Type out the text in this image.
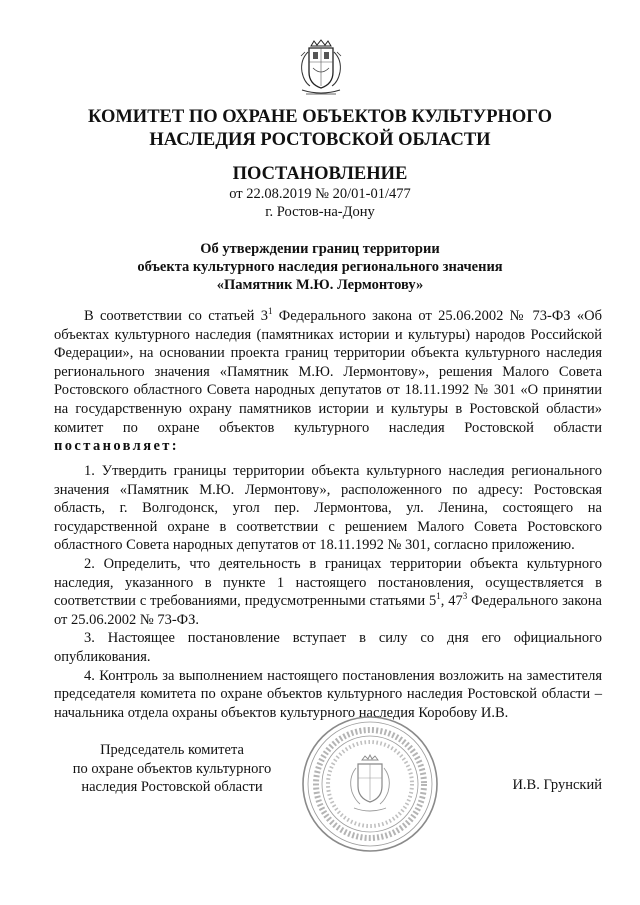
КОМИТЕТ ПО ОХРАНЕ ОБЪЕКТОВ КУЛЬТУРНОГО
НАСЛЕДИЯ РОСТОВСКОЙ ОБЛАСТИ
ПОСТАНОВЛЕНИЕ
от 22.08.2019 № 20/01-01/477
г. Ростов-на-Дону
Об утверждении границ территории
объекта культурного наследия регионального значения
«Памятник М.Ю. Лермонтову»

В соответствии со статьей $3^1$ Федерального закона от 25.06.2002 № 73-ФЗ «Об объектах культурного наследия (памятниках истории и культуры) народов Российской Федерации», на основании проекта границ территории объекта культурного наследия регионального значения «Памятник М.Ю. Лермонтову», решения Малого Совета Ростовского областного Совета народных депутатов от 18.11.1992 № 301 «О принятии на государственную охрану памятников истории и культуры в Ростовской области» комитет по охране объектов культурного наследия Ростовской области постановляет:

1. Утвердить границы территории объекта культурного наследия регионального значения «Памятник М.Ю. Лермонтову», расположенного по адресу: Ростовская область, г. Волгодонск, угол пер. Лермонтова, ул. Ленина, состоящего на государственной охране в соответствии с решением Малого Совета Ростовского областного Совета народных депутатов от 18.11.1992 № 301, согласно приложению.

2. Определить, что деятельность в границах территории объекта культурного наследия, указанного в пункте 1 настоящего постановления, осуществляется в соответствии с требованиями, предусмотренными статьями $5^1$, $47^3$ Федерального закона от 25.06.2002 № 73-ФЗ.

3. Настоящее постановление вступает в силу со дня его официального опубликования.

4. Контроль за выполнением настоящего постановления возложить на заместителя председателя комитета по охране объектов культурного наследия Ростовской области – начальника отдела охраны объектов культурного наследия Коробову И.В.

Председатель комитета
по охране объектов культурного
наследия Ростовской области	И.В. Грунский
